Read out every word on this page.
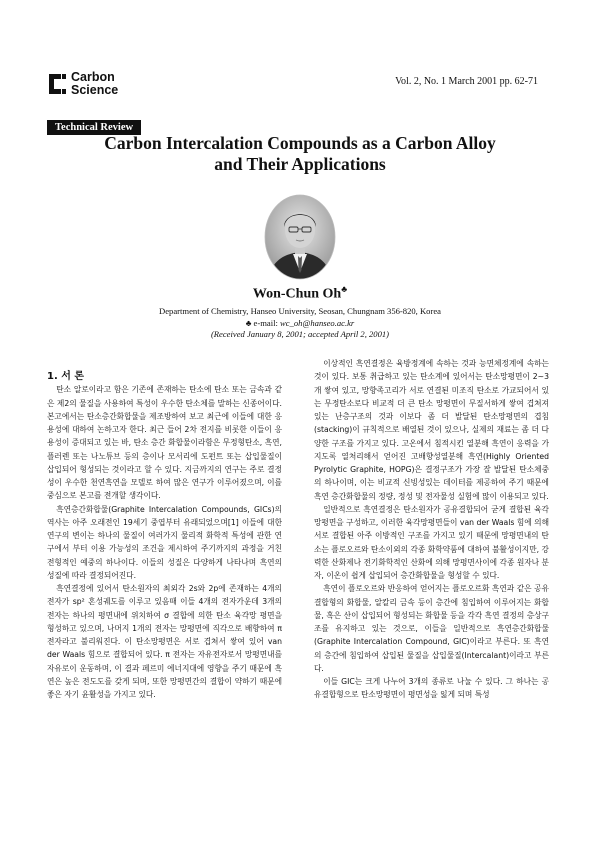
Carbon
Science
Vol. 2, No. 1 March 2001 pp. 62-71
Technical Review
Carbon Intercalation Compounds as a Carbon Alloy
and Their Applications
Won-Chun Oh♣
Department of Chemistry, Hanseo University, Seosan, Chungnam 356-820, Korea
♣ e-mail: wc_oh@hanseo.ac.kr
(Received January 8, 2001; accepted April 2, 2001)

1. 서 론

탄소 알로이라고 함은 기존에 존재하는 탄소에 탄소 또는 금속과 같은 제2의 물질을 사용하여 특성이 우수한 탄소체를 말하는 신종어이다. 본고에서는 탄소층간화합물을 제조방하여 보고 최근에 이들에 대한 응용성에 대하여 논하고자 한다. 최근 들어 2차 전지를 비롯한 이들이 응용성이 증대되고 있는 바, 탄소 층간 화합물이라함은 무정형탄소, 흑연, 플러렌 또는 나노튜브 등의 층이나 모서리에 도펀트 또는 삽입물질이 삽입되어 형성되는 것이라고 할 수 있다. 지금까지의 연구는 주로 결정성이 우수한 천연흑연을 모델로 하여 많은 연구가 이루어졌으며, 이를 중심으로 본고를 전개할 생각이다.

흑연층간화합물(Graphite Intercalation Compounds, GICs)의 역사는 아주 오래전인 19세기 중엽부터 유래되었으며[1] 이들에 대한 연구의 변이는 하나의 물질이 여러가지 물리적 화학적 특성에 관한 연구에서 부터 이용 가능성의 조건을 제시하여 주기까지의 과정을 거친 전형적인 예중의 하나이다. 이들의 성질은 다양하게 나타나며 흑연의 성질에 따라 결정되어진다.

흑연결정에 있어서 탄소원자의 최외각 2s와 2p에 존재하는 4개의 전자가 sp² 혼성궤도를 이루고 있음때 이들 4개의 전자가운데 3개의 전자는 하나의 평면내에 위치하여 σ 결합에 의한 탄소 육각망 평면을 형성하고 있으며, 나머지 1개의 전자는 망평면에 직각으로 배향하여 π 전자라고 불리워진다. 이 탄소망평면은 서로 겹쳐서 쌓여 있어 van der Waals 힘으로 결합되어 있다. π 전자는 자유전자로서 망평면내를 자유로이 운동하며, 이 결과 페르미 에너지대에 영향을 주기 때문에 흑연은 높은 전도도를 갖게 되며, 또한 망평면간의 결합이 약하기 때문에 좋은 자기 윤활성을 가지고 있다.

이상적인 흑연결정은 육방정계에 속하는 것과 능면체정계에 속하는 것이 있다. 보통 취급하고 있는 탄소계에 있어서는 탄소망평면이 2~3개 쌓여 있고, 망향족고리가 서로 연결된 미조직 탄소로 가교되어서 있는 무정탄소로다 비교적 더 큰 탄소 망평면이 무질서하게 쌓여 겹쳐져 있는 난층구조의 것과 이보다 좀 더 발달된 탄소망평면의 겹침(stacking)이 규칙적으로 배열된 것이 있으나, 실제의 재료는 좀 더 다양한 구조를 가지고 있다. 고온에서 침적시킨 열분해 흑연이 응력을 가지도록 열처리해서 얻어진 고배향성열분해 흑연(Highly Oriented Pyrolytic Graphite, HOPG)은 결정구조가 가장 잘 발달된 탄소체중의 하나이며, 이는 비교적 신빙성있는 데이터를 제공하여 주기 때문에 흑연 층간화합물의 정량, 정성 및 전자물성 실험에 많이 이용되고 있다.

일반적으로 흑연결정은 탄소원자가 공유결합되어 굳게 결합된 육각망평면을 구성하고, 이러한 육각망평면들이 van der Waals 힘에 의해 서로 결합된 아주 이방적인 구조를 가지고 있기 때문에 망평면내의 탄소는 플로오르와 탄소이외의 각종 화학약품에 대하여 불활성이지만, 강력한 산화제나 전기화학적인 산화에 의해 망평면사이에 각종 원자나 분자, 이온이 쉽게 삽입되어 층간화합물을 형성할 수 있다.

흑연이 플로오르와 반응하여 얻어지는 플로오르화 흑연과 같은 공유결합형의 화합물, 알칼리 금속 등이 층간에 침입하여 이루어지는 화합물, 혹은 산이 삽입되어 형성되는 화합물 등을 각각 흑연 결정의 층상구조를 유지하고 있는 것으로, 이들을 일반적으로 흑연층간화합물(Graphite Intercalation Compound, GIC)이라고 부른다. 또 흑연의 층간에 침입하여 삽입된 물질을 삽입물질(Intercalant)이라고 부른다.

이들 GIC는 크게 나누어 3개의 종류로 나눌 수 있다. 그 하나는 공유결합형으로 탄소망평면이 평면성을 잃게 되며 특성
